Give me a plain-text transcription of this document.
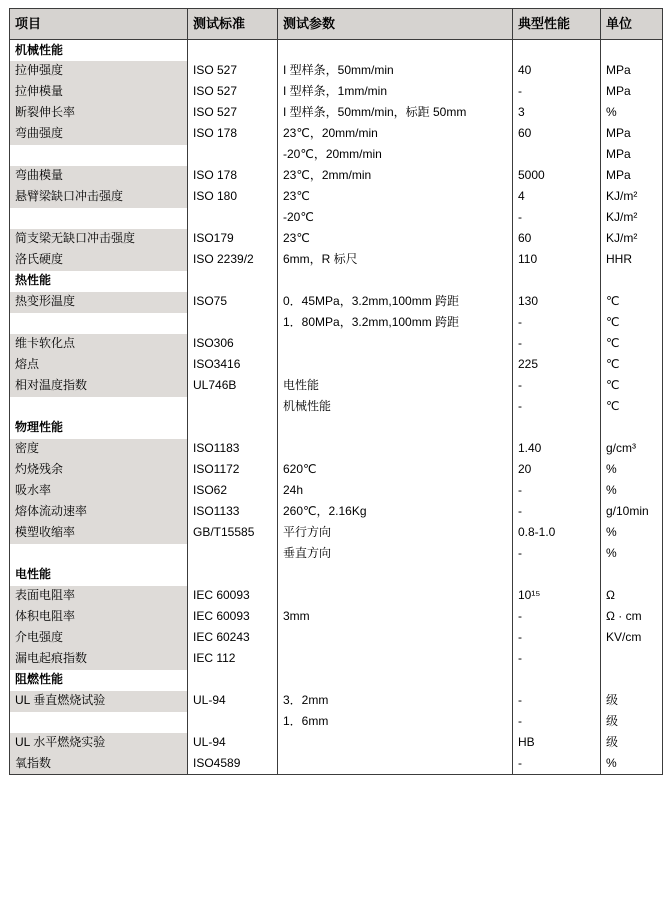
项目	测试标准	测试参数	典型性能	单位
机械性能				
拉伸强度	ISO 527	I 型样条，50mm/min	40	MPa
拉伸模量	ISO 527	I 型样条，1mm/min	-	MPa
断裂伸长率	ISO 527	I 型样条，50mm/min，标距 50mm	3	%
弯曲强度	ISO 178	23℃，20mm/min	60	MPa
		-20℃，20mm/min		MPa
弯曲模量	ISO 178	23℃，2mm/min	5000	MPa
悬臂梁缺口冲击强度	ISO 180	23℃	4	KJ/m²
		-20℃	-	KJ/m²
简支梁无缺口冲击强度	ISO179	23℃	60	KJ/m²
洛氏硬度	ISO 2239/2	6mm，R 标尺	110	HHR
热性能				
热变形温度	ISO75	0．45MPa，3.2mm,100mm 跨距	130	℃
		1．80MPa，3.2mm,100mm 跨距	-	℃
维卡软化点	ISO306		-	℃
熔点	ISO3416		225	℃
相对温度指数	UL746B	电性能	-	℃
		机械性能	-	℃
物理性能				
密度	ISO1183		1.40	g/cm³
灼烧残余	ISO1172	620℃	20	%
吸水率	ISO62	24h	-	%
熔体流动速率	ISO1133	260℃，2.16Kg	-	g/10min
模塑收缩率	GB/T15585	平行方向	0.8-1.0	%
		垂直方向	-	%
电性能				
表面电阻率	IEC 60093		10¹⁵	Ω
体积电阻率	IEC 60093	3mm	-	Ω · cm
介电强度	IEC 60243		-	KV/cm
漏电起痕指数	IEC 112		-	
阻燃性能				
UL 垂直燃烧试验	UL-94	3．2mm	-	级
		1．6mm	-	级
UL 水平燃烧实验	UL-94		HB	级
氧指数	ISO4589		-	%
